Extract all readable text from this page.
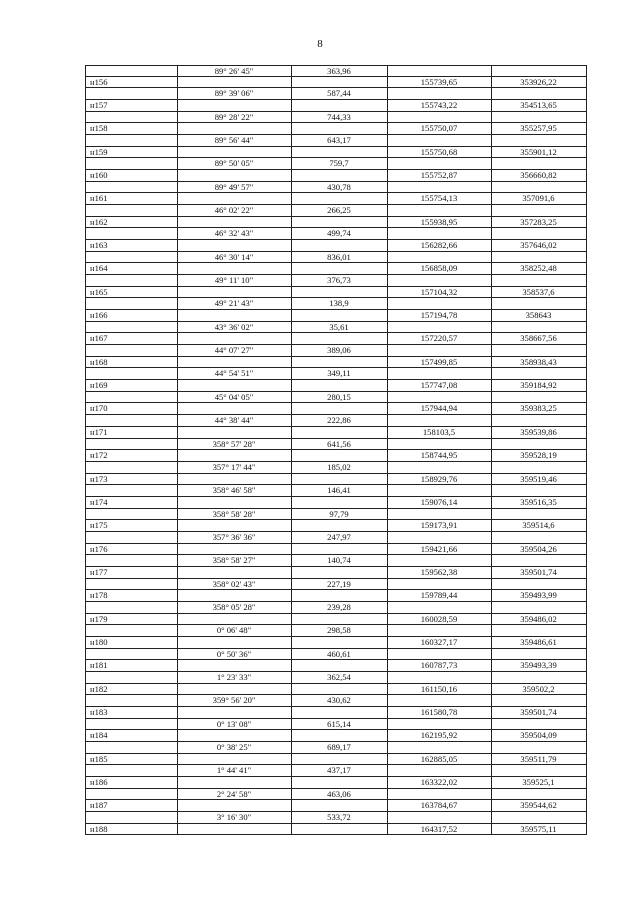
8
89° 26' 45"	363,96
н156	155739,65	353926,22
89° 39' 06"	587,44
н157	155743,22	354513,65
89° 28' 22"	744,33
н158	155750,07	355257,95
89° 56' 44"	643,17
н159	155750,68	355901,12
89° 50' 05"	759,7
н160	155752,87	356660,82
89° 49' 57"	430,78
н161	155754,13	357091,6
46° 02' 22"	266,25
н162	155938,95	357283,25
46° 32' 43"	499,74
н163	156282,66	357646,02
46° 30' 14"	836,01
н164	156858,09	358252,48
49° 11' 10"	376,73
н165	157104,32	358537,6
49° 21' 43"	138,9
н166	157194,78	358643
43° 36' 02"	35,61
н167	157220,57	358667,56
44° 07' 27"	389,06
н168	157499,85	358938,43
44° 54' 51"	349,11
н169	157747,08	359184,92
45° 04' 05"	280,15
н170	157944,94	359383,25
44° 38' 44"	222,86
н171	158103,5	359539,86
358° 57' 28"	641,56
н172	158744,95	359528,19
357° 17' 44"	185,02
н173	158929,76	359519,46
358° 46' 58"	146,41
н174	159076,14	359516,35
358° 58' 28"	97,79
н175	159173,91	359514,6
357° 36' 36"	247,97
н176	159421,66	359504,26
358° 58' 27"	140,74
н177	159562,38	359501,74
358° 02' 43"	227,19
н178	159789,44	359493,99
358° 05' 28"	239,28
н179	160028,59	359486,02
0° 06' 48"	298,58
н180	160327,17	359486,61
0° 50' 36"	460,61
н181	160787,73	359493,39
1° 23' 33"	362,54
н182	161150,16	359502,2
359° 56' 20"	430,62
н183	161580,78	359501,74
0° 13' 08"	615,14
н184	162195,92	359504,09
0° 38' 25"	689,17
н185	162885,05	359511,79
1° 44' 41"	437,17
н186	163322,02	359525,1
2° 24' 58"	463,06
н187	163784,67	359544,62
3° 16' 30"	533,72
н188	164317,52	359575,11
